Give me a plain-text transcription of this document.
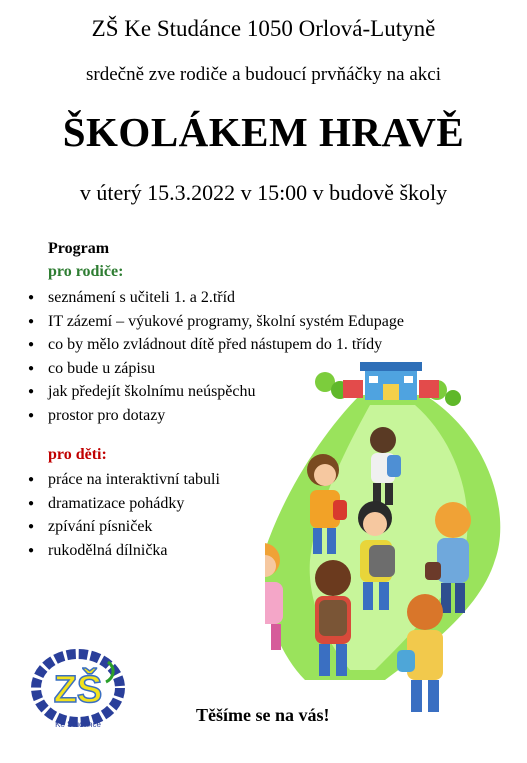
ZŠ Ke Studánce 1050 Orlová-Lutyně
srdečně zve rodiče a budoucí prvňáčky na akci
ŠKOLÁKEM HRAVĚ
v úterý 15.3.2022 v 15:00 v budově školy
Program
pro rodiče:
● seznámení s učiteli 1. a 2.tříd
● IT zázemí – výukové programy, školní systém Edupage
● co by mělo zvládnout dítě před nástupem do 1. třídy
● co bude u zápisu
● jak předejít školnímu neúspěchu
● prostor pro dotazy
pro děti:
● práce na interaktivní tabuli
● dramatizace pohádky
● zpívání písniček
● rukodělná dílnička
ZŠ
Ke Studánce	Těšíme se na vás!
